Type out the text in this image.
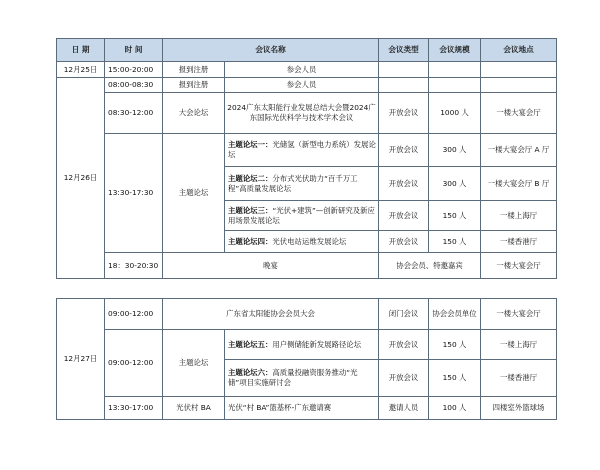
日 期	时 间	会议名称		会议类型	会议规模	会议地点
12月25日	15:00-20:00	报到注册	参会人员			
12月26日	08:00-08:30	报到注册	参会人员			
	08:30-12:00	大会论坛	2024广东太阳能行业发展总结大会暨2024广东国际光伏科学与技术学术会议	开放会议	1000 人	一楼大宴会厅
	13:30-17:30	主题论坛	主题论坛一：光储氢（新型电力系统）发展论坛	开放会议	300 人	一楼大宴会厅 A 厅
			主题论坛二：分布式光伏助力“百千万工程”高质量发展论坛	开放会议	300 人	一楼大宴会厅 B 厅
			主题论坛三：“光伏+建筑”—创新研究及新应用场景发展论坛	开放会议	150 人	一楼上海厅
			主题论坛四：光伏电站运维发展论坛	开放会议	150 人	一楼香港厅
	18：30-20:30	晚宴		协会会员、特邀嘉宾		一楼大宴会厅
12月27日	09:00-12:00	广东省太阳能协会会员大会		闭门会议	协会会员单位	一楼大宴会厅
	09:00-12:00	主题论坛	主题论坛五：用户侧储能新发展路径论坛	开放会议	150 人	一楼上海厅
			主题论坛六：高质量投融资服务推动“光储”项目实施研讨会	开放会议	150 人	一楼香港厅
	13:30-17:00	光伏村 BA	光伏“村 BA”篮基杯-广东邀请赛	邀请人员	100 人	四楼室外篮球场
